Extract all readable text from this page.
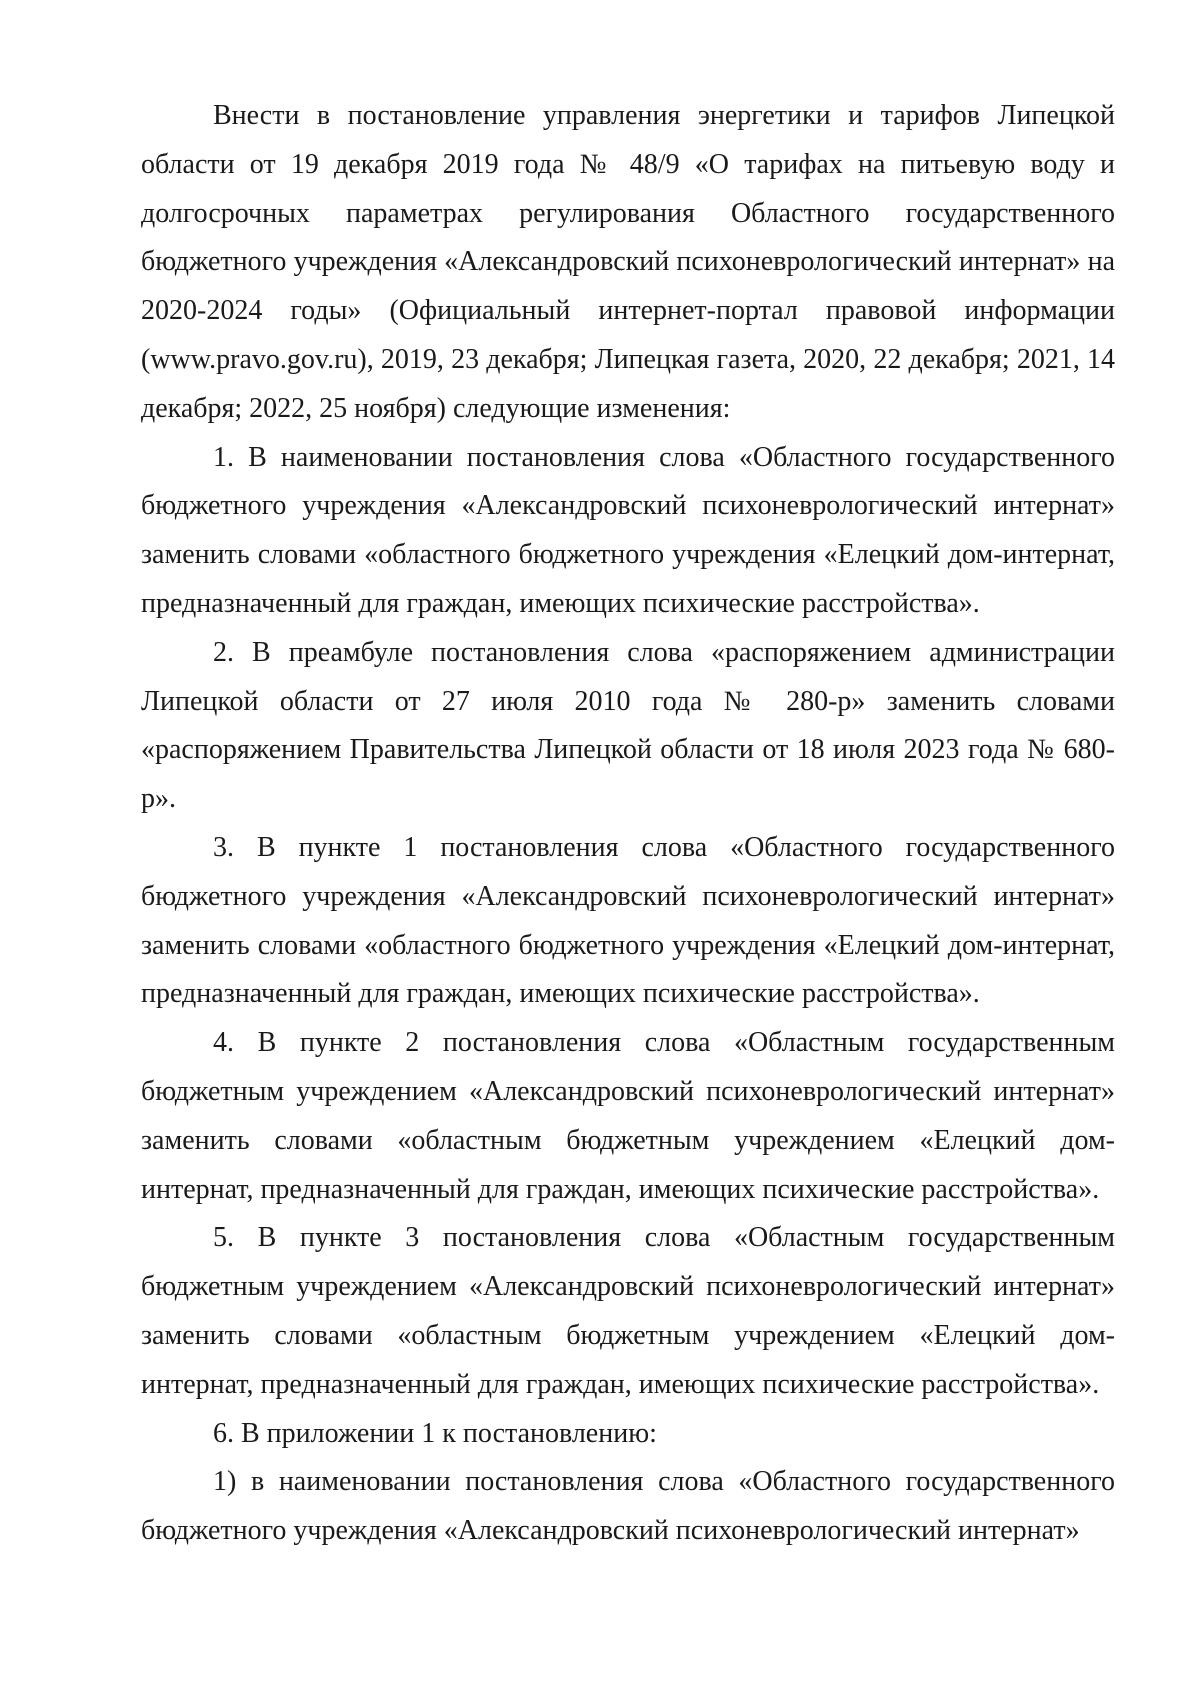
Внести в постановление управления энергетики и тарифов Липецкой области от 19 декабря 2019 года № 48/9 «О тарифах на питьевую воду и долгосрочных параметрах регулирования Областного государственного бюджетного учреждения «Александровский психоневрологический интернат» на 2020-2024 годы» (Официальный интернет-портал правовой информации (www.pravo.gov.ru), 2019, 23 декабря; Липецкая газета, 2020, 22 декабря; 2021, 14 декабря; 2022, 25 ноября) следующие изменения:

1. В наименовании постановления слова «Областного государственного бюджетного учреждения «Александровский психоневрологический интернат» заменить словами «областного бюджетного учреждения «Елецкий дом-интернат, предназначенный для граждан, имеющих психические расстройства».

2. В преамбуле постановления слова «распоряжением администрации Липецкой области от 27 июля 2010 года № 280-р» заменить словами «распоряжением Правительства Липецкой области от 18 июля 2023 года № 680-р».

3. В пункте 1 постановления слова «Областного государственного бюджетного учреждения «Александровский психоневрологический интернат» заменить словами «областного бюджетного учреждения «Елецкий дом-интернат, предназначенный для граждан, имеющих психические расстройства».

4. В пункте 2 постановления слова «Областным государственным бюджетным учреждением «Александровский психоневрологический интернат» заменить словами «областным бюджетным учреждением «Елецкий дом-интернат, предназначенный для граждан, имеющих психические расстройства».

5. В пункте 3 постановления слова «Областным государственным бюджетным учреждением «Александровский психоневрологический интернат» заменить словами «областным бюджетным учреждением «Елецкий дом-интернат, предназначенный для граждан, имеющих психические расстройства».

6. В приложении 1 к постановлению:

1) в наименовании постановления слова «Областного государственного бюджетного учреждения «Александровский психоневрологический интернат»
